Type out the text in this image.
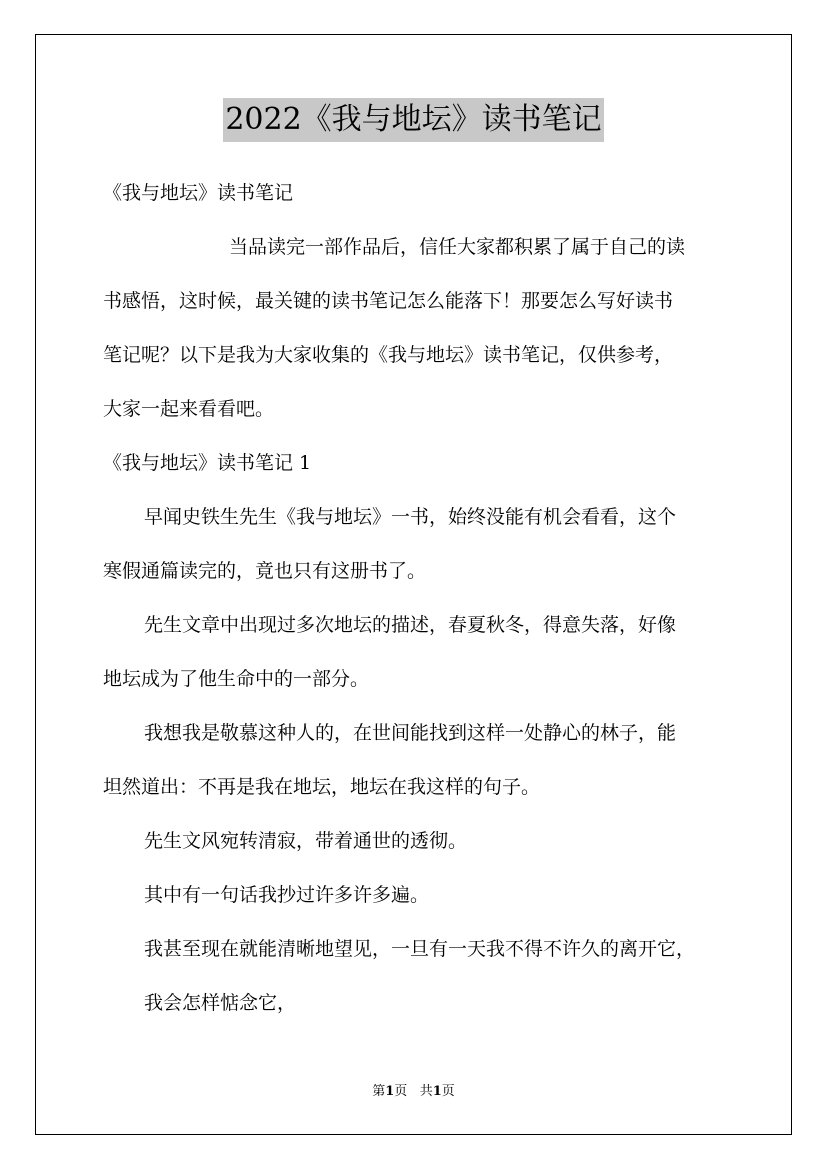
2022《我与地坛》读书笔记
《我与地坛》读书笔记
当品读完一部作品后，信任大家都积累了属于自己的读
书感悟，这时候，最关键的读书笔记怎么能落下！那要怎么写好读书
笔记呢？以下是我为大家收集的《我与地坛》读书笔记，仅供参考，
大家一起来看看吧。
《我与地坛》读书笔记 1
早闻史铁生先生《我与地坛》一书，始终没能有机会看看，这个
寒假通篇读完的，竟也只有这册书了。
先生文章中出现过多次地坛的描述，春夏秋冬，得意失落，好像
地坛成为了他生命中的一部分。
我想我是敬慕这种人的，在世间能找到这样一处静心的林子，能
坦然道出：不再是我在地坛，地坛在我这样的句子。
先生文风宛转清寂，带着通世的透彻。
其中有一句话我抄过许多许多遍。
我甚至现在就能清晰地望见，一旦有一天我不得不许久的离开它，
我会怎样惦念它，
第1页 共1页
